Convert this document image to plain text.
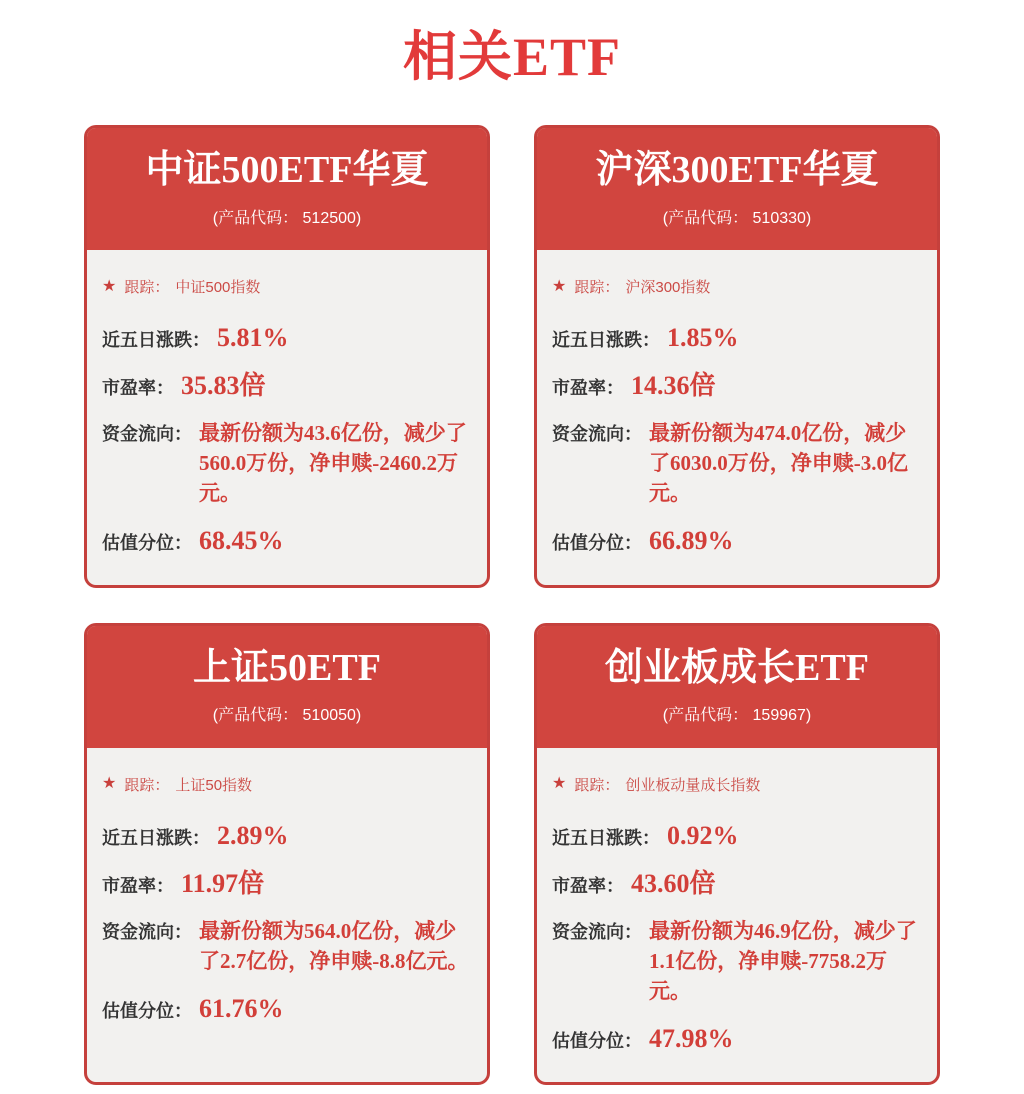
相关ETF
中证500ETF华夏
(产品代码： 512500)
★ 跟踪： 中证500指数
近五日涨跌： 5.81%
市盈率： 35.83倍
资金流向： 最新份额为43.6亿份，减少了560.0万份，净申赎-2460.2万元。
估值分位： 68.45%
沪深300ETF华夏
(产品代码： 510330)
★ 跟踪： 沪深300指数
近五日涨跌： 1.85%
市盈率： 14.36倍
资金流向： 最新份额为474.0亿份，减少了6030.0万份，净申赎-3.0亿元。
估值分位： 66.89%
上证50ETF
(产品代码： 510050)
★ 跟踪： 上证50指数
近五日涨跌： 2.89%
市盈率： 11.97倍
资金流向： 最新份额为564.0亿份，减少了2.7亿份，净申赎-8.8亿元。
估值分位： 61.76%
创业板成长ETF
(产品代码： 159967)
★ 跟踪： 创业板动量成长指数
近五日涨跌： 0.92%
市盈率： 43.60倍
资金流向： 最新份额为46.9亿份，减少了1.1亿份，净申赎-7758.2万元。
估值分位： 47.98%
